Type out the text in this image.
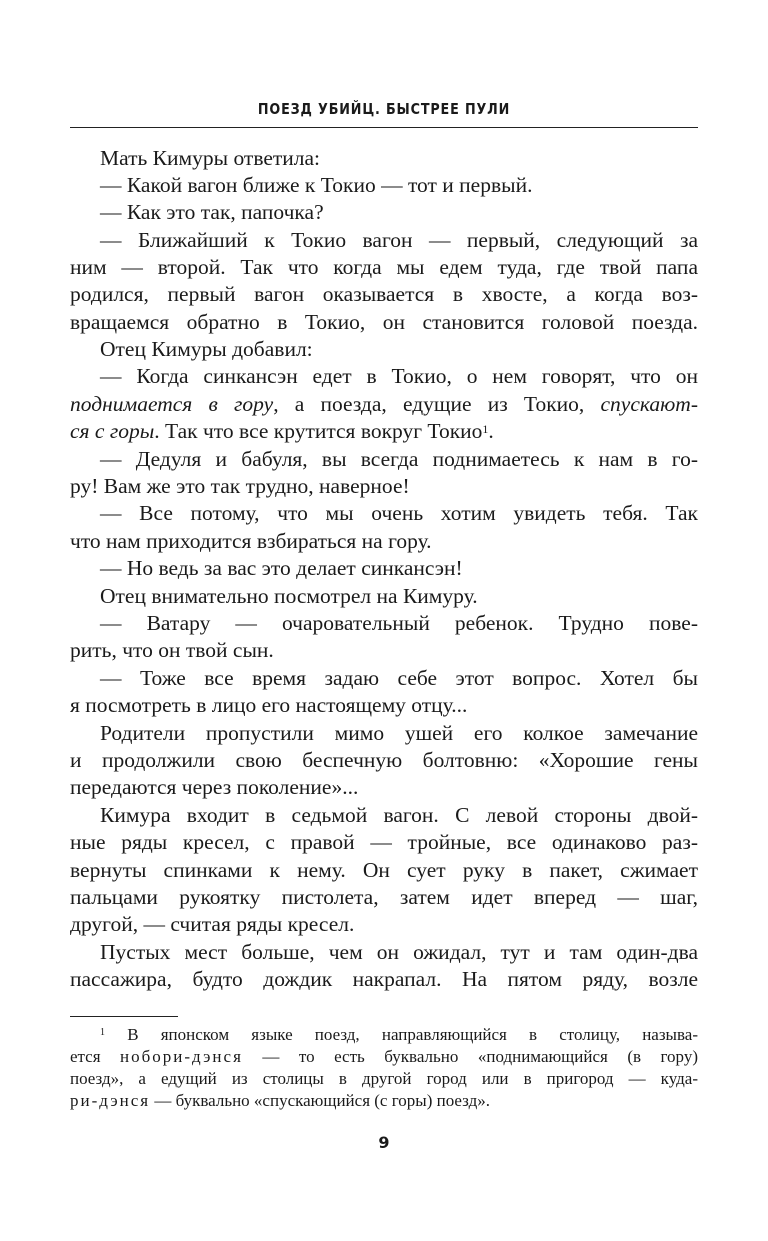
ПОЕЗД УБИЙЦ. БЫСТРЕЕ ПУЛИ
Мать Кимуры ответила:
— Какой вагон ближе к Токио — тот и первый.
— Как это так, папочка?
— Ближайший к Токио вагон — первый, следующий за
ним — второй. Так что когда мы едем туда, где твой папа
родился, первый вагон оказывается в хвосте, а когда воз-
вращаемся обратно в Токио, он становится головой поезда.
Отец Кимуры добавил:
— Когда синкансэн едет в Токио, о нем говорят, что он
поднимается в гору, а поезда, едущие из Токио, спускают-
ся с горы. Так что все крутится вокруг Токио$^1$.
— Дедуля и бабуля, вы всегда поднимаетесь к нам в го-
ру! Вам же это так трудно, наверное!
— Все потому, что мы очень хотим увидеть тебя. Так
что нам приходится взбираться на гору.
— Но ведь за вас это делает синкансэн!
Отец внимательно посмотрел на Кимуру.
— Ватару — очаровательный ребенок. Трудно пове-
рить, что он твой сын.
— Тоже все время задаю себе этот вопрос. Хотел бы
я посмотреть в лицо его настоящему отцу...
Родители пропустили мимо ушей его колкое замечание
и продолжили свою беспечную болтовню: «Хорошие гены
передаются через поколение»...
Кимура входит в седьмой вагон. С левой стороны двой-
ные ряды кресел, с правой — тройные, все одинаково раз-
вернуты спинками к нему. Он сует руку в пакет, сжимает
пальцами рукоятку пистолета, затем идет вперед — шаг,
другой, — считая ряды кресел.
Пустых мест больше, чем он ожидал, тут и там один-два
пассажира, будто дождик накрапал. На пятом ряду, возле
$^1$ В японском языке поезд, направляющийся в столицу, называ-
ется нобори-дэнся — то есть буквально «поднимающийся (в гору)
поезд», а едущий из столицы в другой город или в пригород — куда-
ри-дэнся — буквально «спускающийся (с горы) поезд».
9
